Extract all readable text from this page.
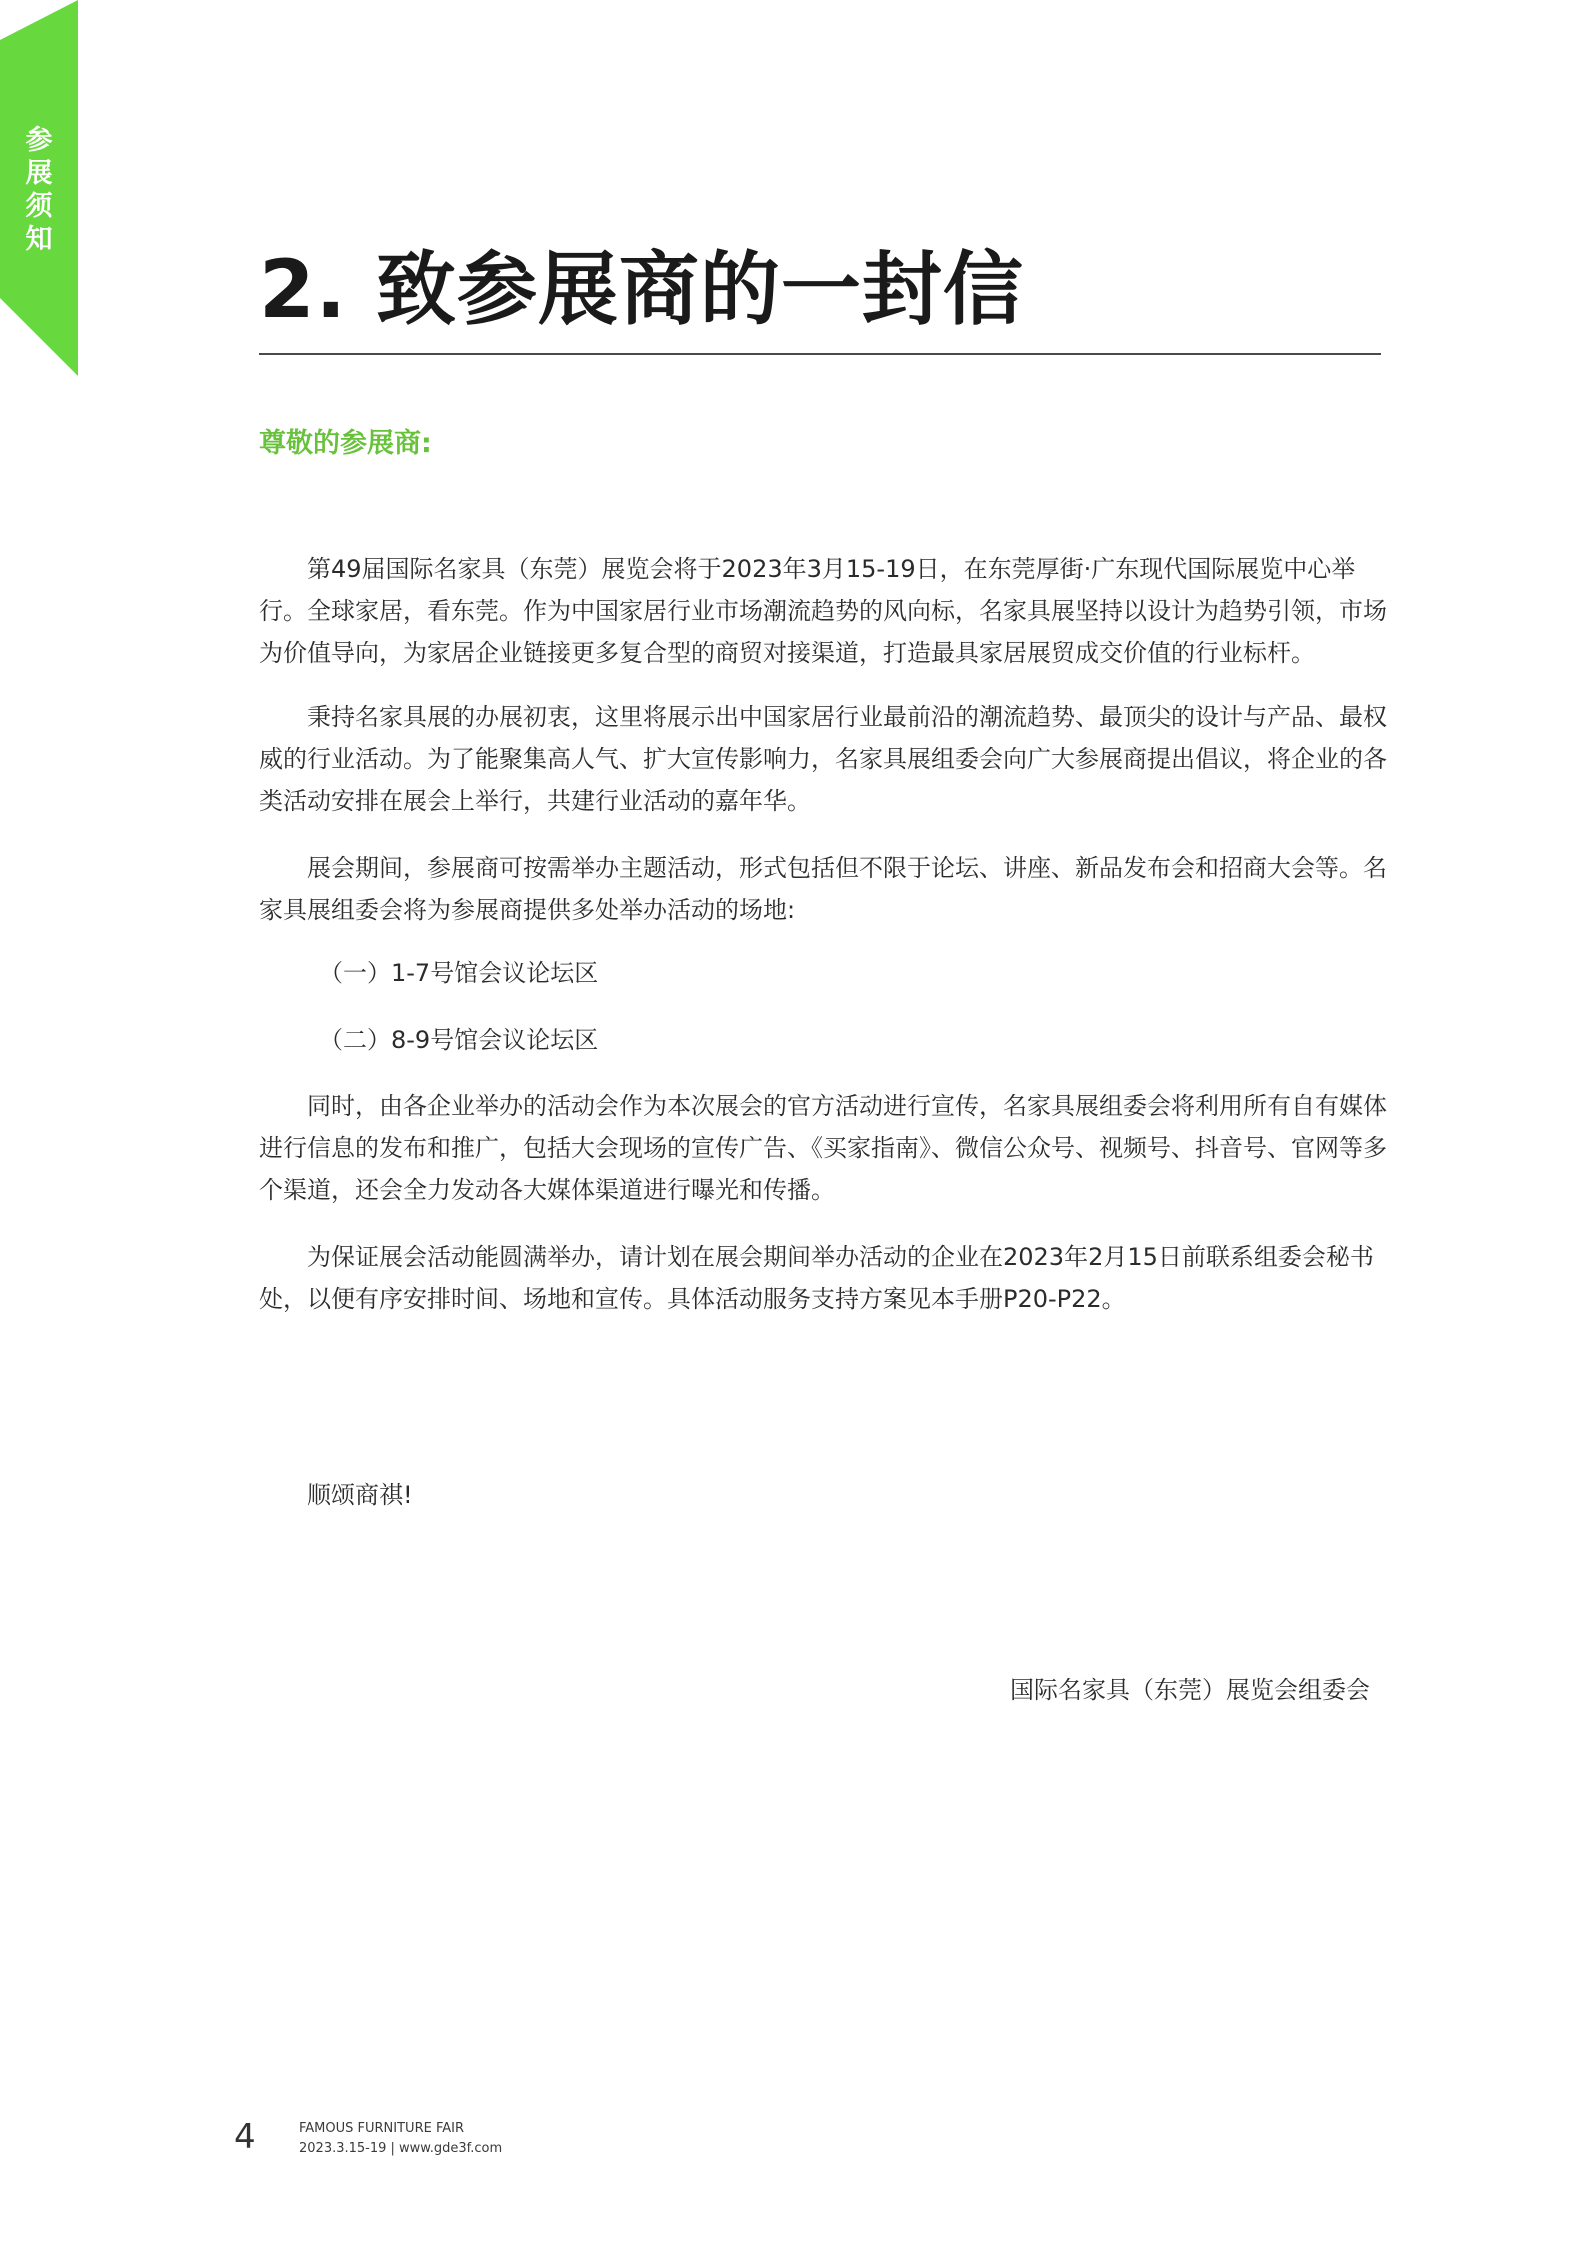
参展须知
2. 致参展商的一封信
尊敬的参展商:

第49届国际名家具（东莞）展览会将于2023年3月15-19日，在东莞厚街·广东现代国际展览中心举行。全球家居，看东莞。作为中国家居行业市场潮流趋势的风向标，名家具展坚持以设计为趋势引领，市场为价值导向，为家居企业链接更多复合型的商贸对接渠道，打造最具家居展贸成交价值的行业标杆。

秉持名家具展的办展初衷，这里将展示出中国家居行业最前沿的潮流趋势、最顶尖的设计与产品、最权威的行业活动。为了能聚集高人气、扩大宣传影响力，名家具展组委会向广大参展商提出倡议，将企业的各类活动安排在展会上举行，共建行业活动的嘉年华。

展会期间，参展商可按需举办主题活动，形式包括但不限于论坛、讲座、新品发布会和招商大会等。名家具展组委会将为参展商提供多处举办活动的场地:

（一）1-7号馆会议论坛区

（二）8-9号馆会议论坛区

同时，由各企业举办的活动会作为本次展会的官方活动进行宣传，名家具展组委会将利用所有自有媒体进行信息的发布和推广，包括大会现场的宣传广告、《买家指南》、微信公众号、视频号、抖音号、官网等多个渠道，还会全力发动各大媒体渠道进行曝光和传播。

为保证展会活动能圆满举办，请计划在展会期间举办活动的企业在2023年2月15日前联系组委会秘书处，以便有序安排时间、场地和宣传。具体活动服务支持方案见本手册P20-P22。

顺颂商祺!

国际名家具（东莞）展览会组委会
4	FAMOUS FURNITURE FAIR
2023.3.15-19 | www.gde3f.com
